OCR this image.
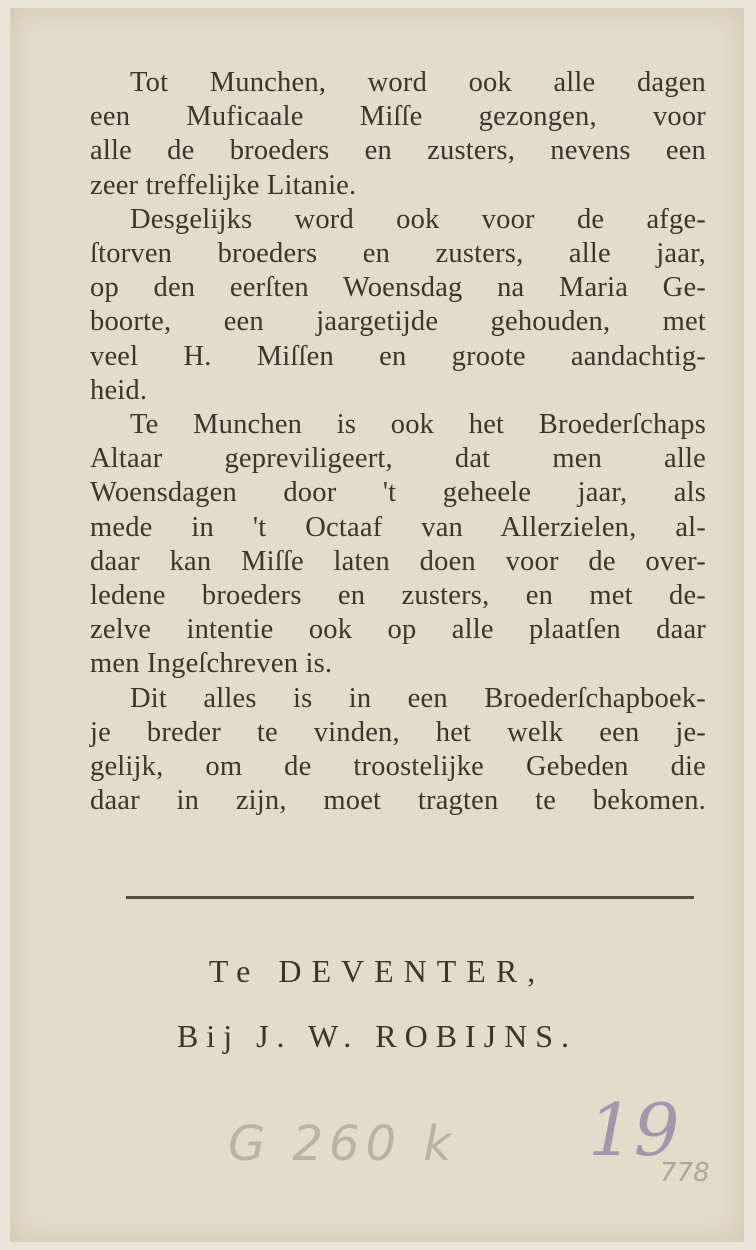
Tot Munchen, word ook alle dagen
een Muficaale Miſſe gezongen, voor
alle de broeders en zusters, nevens een
zeer treffelijke Litanie.

Desgelijks word ook voor de afge-
ſtorven broeders en zusters, alle jaar,
op den eerſten Woensdag na Maria Ge-
boorte, een jaargetijde gehouden, met
veel H. Miſſen en groote aandachtig-
heid.

Te Munchen is ook het Broederſchaps
Altaar gepreviligeert, dat men alle
Woensdagen door 't geheele jaar, als
mede in 't Octaaf van Allerzielen, al-
daar kan Miſſe laten doen voor de over-
ledene broeders en zusters, en met de-
zelve intentie ook op alle plaatſen daar
men Ingeſchreven is.

Dit alles is in een Broederſchapboek-
je breder te vinden, het welk een je-
gelijk, om de troostelijke Gebeden die
daar in zijn, moet tragten te bekomen.

Te DEVENTER,
Bij J. W. ROBIJNS.
G 260 k 19
778
